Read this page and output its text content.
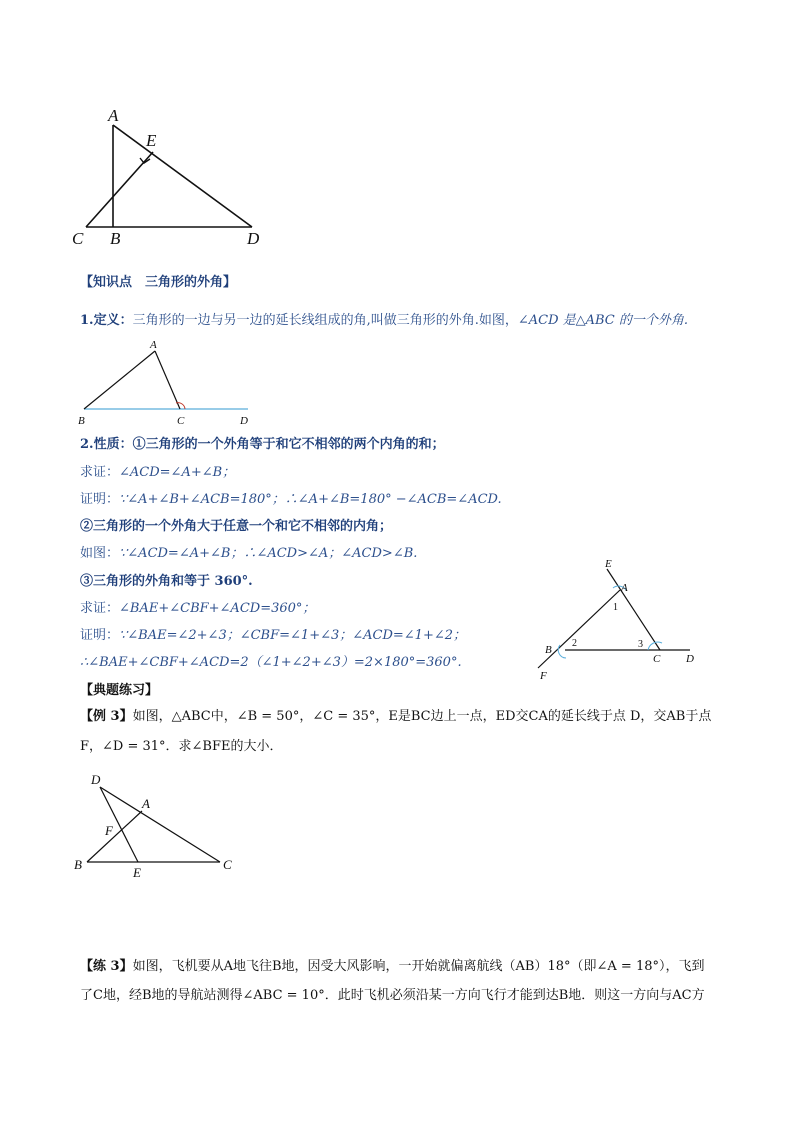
A
E
C B	D
【知识点　三角形的外角】
1.定义：三角形的一边与另一边的延长线组成的角,叫做三角形的外角.如图，∠ACD 是△ABC 的一个外角.
A
B	C	D
2.性质：①三角形的一个外角等于和它不相邻的两个内角的和；
求证：∠ACD=∠A+∠B；
证明：∵∠A+∠B+∠ACB=180°；∴∠A+∠B=180° −∠ACB=∠ACD.
②三角形的一个外角大于任意一个和它不相邻的内角；
如图：∵∠ACD=∠A+∠B；∴∠ACD>∠A；∠ACD>∠B.
③三角形的外角和等于 360°.
求证：∠BAE+∠CBF+∠ACD=360°；
证明：∵∠BAE=∠2+∠3；∠CBF=∠1+∠3；∠ACD=∠1+∠2；
∴∠BAE+∠CBF+∠ACD=2（∠1+∠2+∠3）=2×180°=360°.
E
A
1
B
2	3
C D
F
【典题练习】
【例 3】如图，△ABC中，∠B = 50°，∠C = 35°，E是BC边上一点，ED交CA的延长线于点 D，交AB于点
F，∠D = 31°．求∠BFE的大小．
D
A
F
B
E
C
【练 3】如图，飞机要从A地飞往B地，因受大风影响，一开始就偏离航线（AB）18°（即∠A = 18°），飞到
了C地，经B地的导航站测得∠ABC = 10°．此时飞机必须沿某一方向飞行才能到达B地．则这一方向与AC方
